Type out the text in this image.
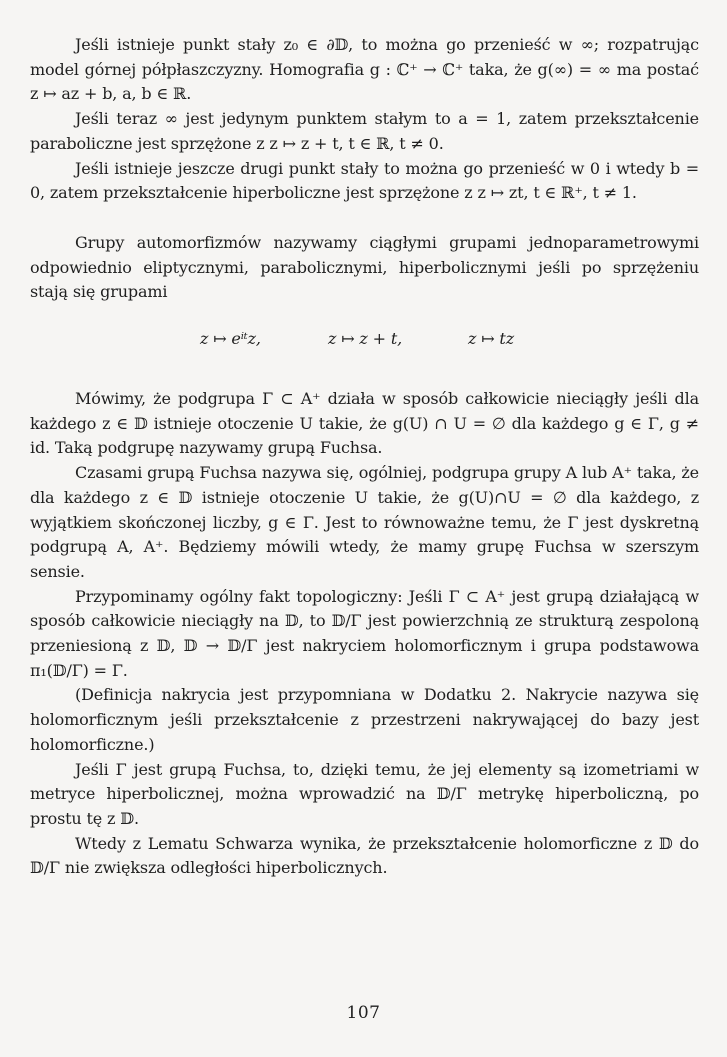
Jeśli istnieje punkt stały z₀ ∈ ∂𝔻, to można go przenieść w ∞; rozpatrując model górnej półpłaszczyzny. Homografia g : ℂ⁺ → ℂ⁺ taka, że g(∞) = ∞ ma postać z ↦ az + b, a, b ∈ ℝ.

Jeśli teraz ∞ jest jedynym punktem stałym to a = 1, zatem przekształcenie paraboliczne jest sprzężone z z ↦ z + t, t ∈ ℝ, t ≠ 0.

Jeśli istnieje jeszcze drugi punkt stały to można go przenieść w 0 i wtedy b = 0, zatem przekształcenie hiperboliczne jest sprzężone z z ↦ zt, t ∈ ℝ⁺, t ≠ 1.

Grupy automorfizmów nazywamy ciągłymi grupami jednoparametrowymi odpowiednio eliptycznymi, parabolicznymi, hiperbolicznymi jeśli po sprzężeniu stają się grupami

z ↦ eⁱᵗz,	z ↦ z + t,	z ↦ tz

Mówimy, że podgrupa Γ ⊂ A⁺ działa w sposób całkowicie nieciągły jeśli dla każdego z ∈ 𝔻 istnieje otoczenie U takie, że g(U) ∩ U = ∅ dla każdego g ∈ Γ, g ≠ id. Taką podgrupę nazywamy grupą Fuchsa.

Czasami grupą Fuchsa nazywa się, ogólniej, podgrupa grupy A lub A⁺ taka, że dla każdego z ∈ 𝔻 istnieje otoczenie U takie, że g(U)∩U = ∅ dla każdego, z wyjątkiem skończonej liczby, g ∈ Γ. Jest to równoważne temu, że Γ jest dyskretną podgrupą A, A⁺. Będziemy mówili wtedy, że mamy grupę Fuchsa w szerszym sensie.

Przypominamy ogólny fakt topologiczny: Jeśli Γ ⊂ A⁺ jest grupą działającą w sposób całkowicie nieciągły na 𝔻, to 𝔻/Γ jest powierzchnią ze strukturą zespoloną przeniesioną z 𝔻, 𝔻 → 𝔻/Γ jest nakryciem holomorficznym i grupa podstawowa π₁(𝔻/Γ) = Γ.

(Definicja nakrycia jest przypomniana w Dodatku 2. Nakrycie nazywa się holomorficznym jeśli przekształcenie z przestrzeni nakrywającej do bazy jest holomorficzne.)

Jeśli Γ jest grupą Fuchsa, to, dzięki temu, że jej elementy są izometriami w metryce hiperbolicznej, można wprowadzić na 𝔻/Γ metrykę hiperboliczną, po prostu tę z 𝔻.

Wtedy z Lematu Schwarza wynika, że przekształcenie holomorficzne z 𝔻 do 𝔻/Γ nie zwiększa odległości hiperbolicznych.

107
